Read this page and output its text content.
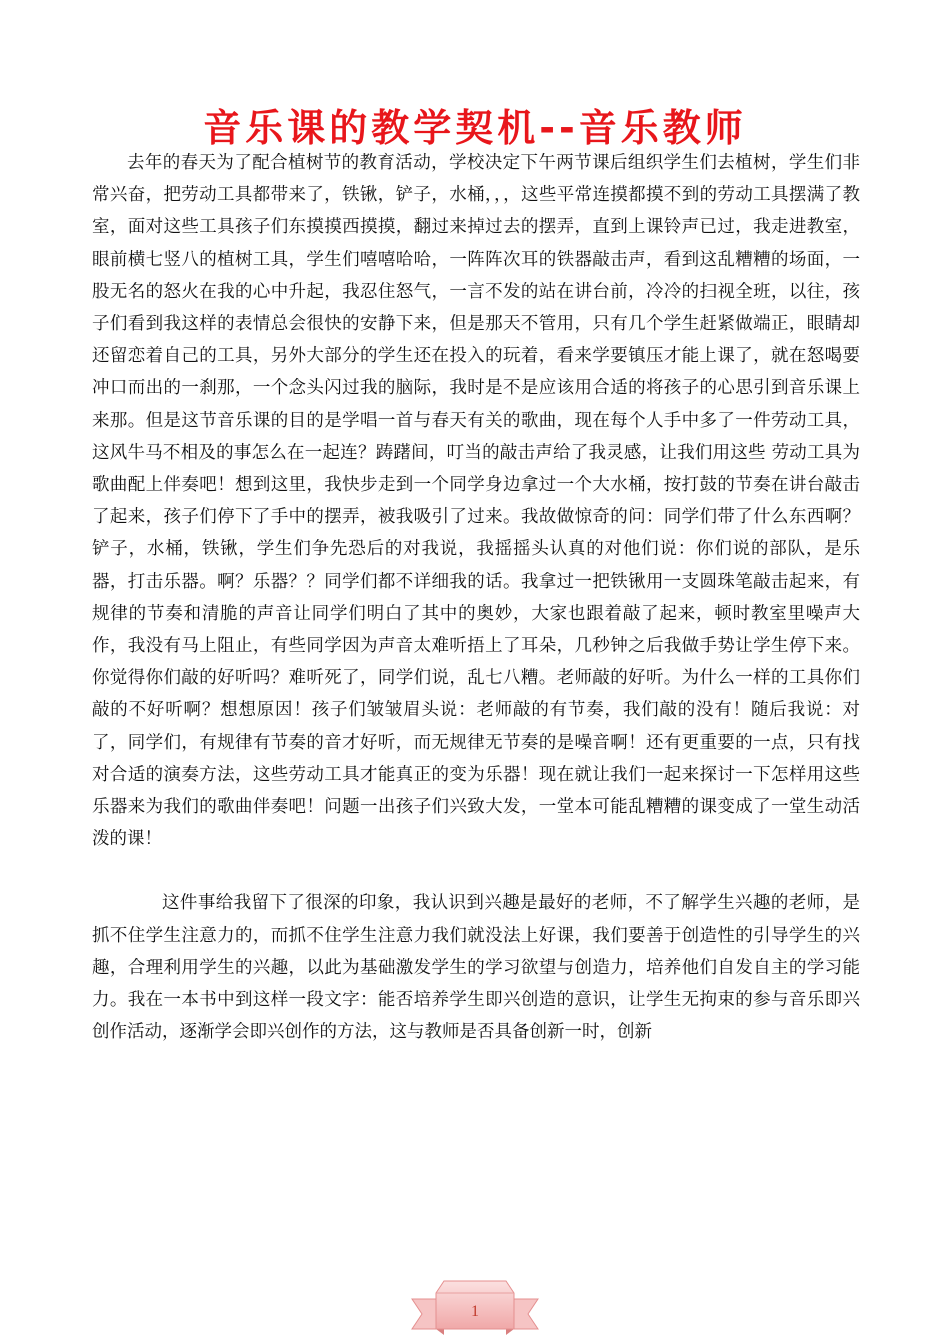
音乐课的教学契机--音乐教师

去年的春天为了配合植树节的教育活动，学校决定下午两节课后组织学生们去植树，学生们非常兴奋，把劳动工具都带来了，铁锹，铲子，水桶，，，这些平常连摸都摸不到的劳动工具摆满了教室，面对这些工具孩子们东摸摸西摸摸，翻过来掉过去的摆弄，直到上课铃声已过，我走进教室，眼前横七竖八的植树工具，学生们嘻嘻哈哈，一阵阵次耳的铁器敲击声，看到这乱糟糟的场面，一股无名的怒火在我的心中升起，我忍住怒气，一言不发的站在讲台前，冷冷的扫视全班，以往，孩子们看到我这样的表情总会很快的安静下来，但是那天不管用，只有几个学生赶紧做端正，眼睛却还留恋着自己的工具，另外大部分的学生还在投入的玩着，看来学要镇压才能上课了，就在怒喝要冲口而出的一刹那，一个念头闪过我的脑际，我时是不是应该用合适的将孩子的心思引到音乐课上来那。但是这节音乐课的目的是学唱一首与春天有关的歌曲，现在每个人手中多了一件劳动工具，这风牛马不相及的事怎么在一起连？踌躇间，叮当的敲击声给了我灵感，让我们用这些 劳动工具为歌曲配上伴奏吧！想到这里，我快步走到一个同学身边拿过一个大水桶，按打鼓的节奏在讲台敲击了起来，孩子们停下了手中的摆弄，被我吸引了过来。我故做惊奇的问：同学们带了什么东西啊？铲子，水桶，铁锹，学生们争先恐后的对我说，我摇摇头认真的对他们说：你们说的部队，是乐器，打击乐器。啊？乐器？？同学们都不详细我的话。我拿过一把铁锹用一支圆珠笔敲击起来，有规律的节奏和清脆的声音让同学们明白了其中的奥妙，大家也跟着敲了起来，顿时教室里噪声大作，我没有马上阻止，有些同学因为声音太难听捂上了耳朵，几秒钟之后我做手势让学生停下来。你觉得你们敲的好听吗？难听死了，同学们说，乱七八糟。老师敲的好听。为什么一样的工具你们敲的不好听啊？想想原因！孩子们皱皱眉头说：老师敲的有节奏，我们敲的没有！随后我说：对了，同学们，有规律有节奏的音才好听，而无规律无节奏的是噪音啊！还有更重要的一点，只有找对合适的演奏方法，这些劳动工具才能真正的变为乐器！现在就让我们一起来探讨一下怎样用这些乐器来为我们的歌曲伴奏吧！问题一出孩子们兴致大发，一堂本可能乱糟糟的课变成了一堂生动活泼的课！

这件事给我留下了很深的印象，我认识到兴趣是最好的老师，不了解学生兴趣的老师，是抓不住学生注意力的，而抓不住学生注意力我们就没法上好课，我们要善于创造性的引导学生的兴趣，合理利用学生的兴趣，以此为基础激发学生的学习欲望与创造力，培养他们自发自主的学习能力。我在一本书中到这样一段文字：能否培养学生即兴创造的意识，让学生无拘束的参与音乐即兴创作活动，逐渐学会即兴创作的方法，这与教师是否具备创新一时，创新

1
